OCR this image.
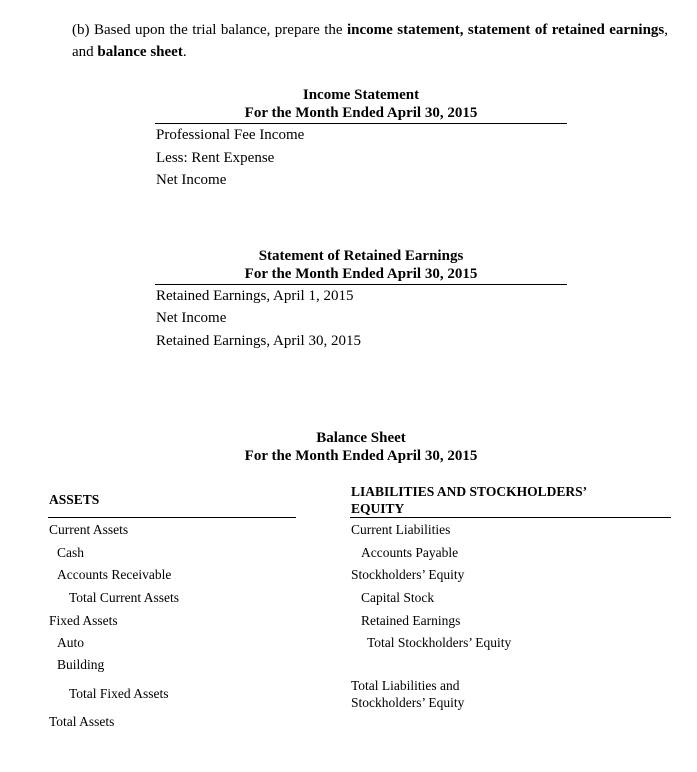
(b) Based upon the trial balance, prepare the income statement, statement of retained earnings, and balance sheet.
Income Statement
For the Month Ended April 30, 2015
Professional Fee Income
Less: Rent Expense
Net Income
Statement of Retained Earnings
For the Month Ended April 30, 2015
Retained Earnings, April 1, 2015
Net Income
Retained Earnings, April 30, 2015
Balance Sheet
For the Month Ended April 30, 2015
ASSETS
Current Assets
Cash
Accounts Receivable
Total Current Assets
Fixed Assets
Auto
Building
Total Fixed Assets
Total Assets
LIABILITIES AND STOCKHOLDERS’
EQUITY
Current Liabilities
Accounts Payable
Stockholders’ Equity
Capital Stock
Retained Earnings
Total Stockholders’ Equity
Total Liabilities and
Stockholders’ Equity
